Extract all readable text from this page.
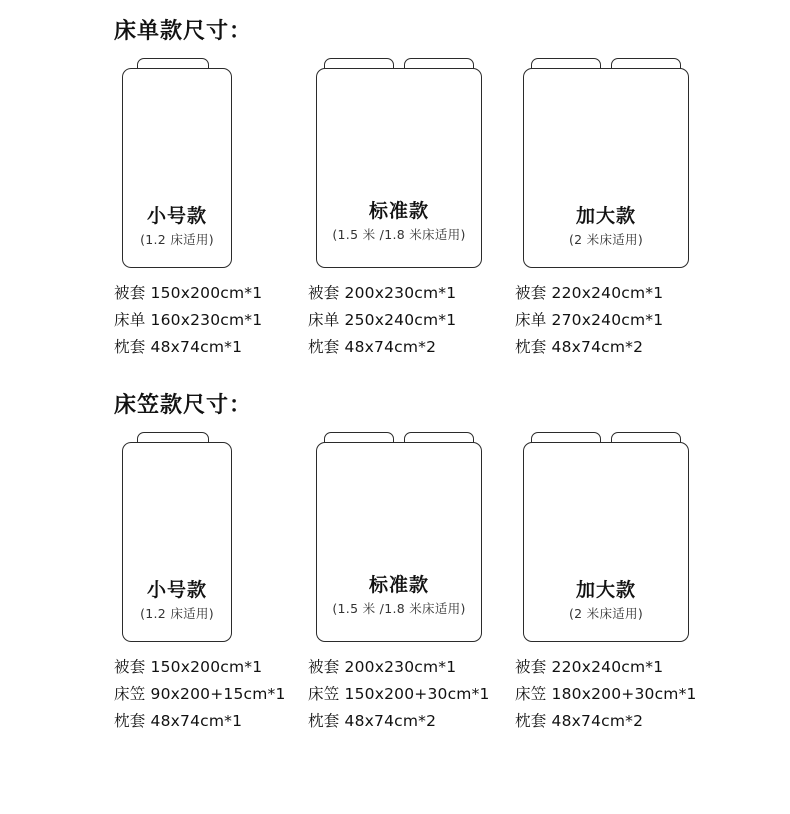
床单款尺寸：
小号款
(1.2 床适用)
被套 150x200cm*1
床单 160x230cm*1
枕套 48x74cm*1
标准款
(1.5 米 /1.8 米床适用)
被套 200x230cm*1
床单 250x240cm*1
枕套 48x74cm*2
加大款
(2 米床适用)
被套 220x240cm*1
床单 270x240cm*1
枕套 48x74cm*2
床笠款尺寸：
小号款
(1.2 床适用)
被套 150x200cm*1
床笠 90x200+15cm*1
枕套 48x74cm*1
标准款
(1.5 米 /1.8 米床适用)
被套 200x230cm*1
床笠 150x200+30cm*1
枕套 48x74cm*2
加大款
(2 米床适用)
被套 220x240cm*1
床笠 180x200+30cm*1
枕套 48x74cm*2
